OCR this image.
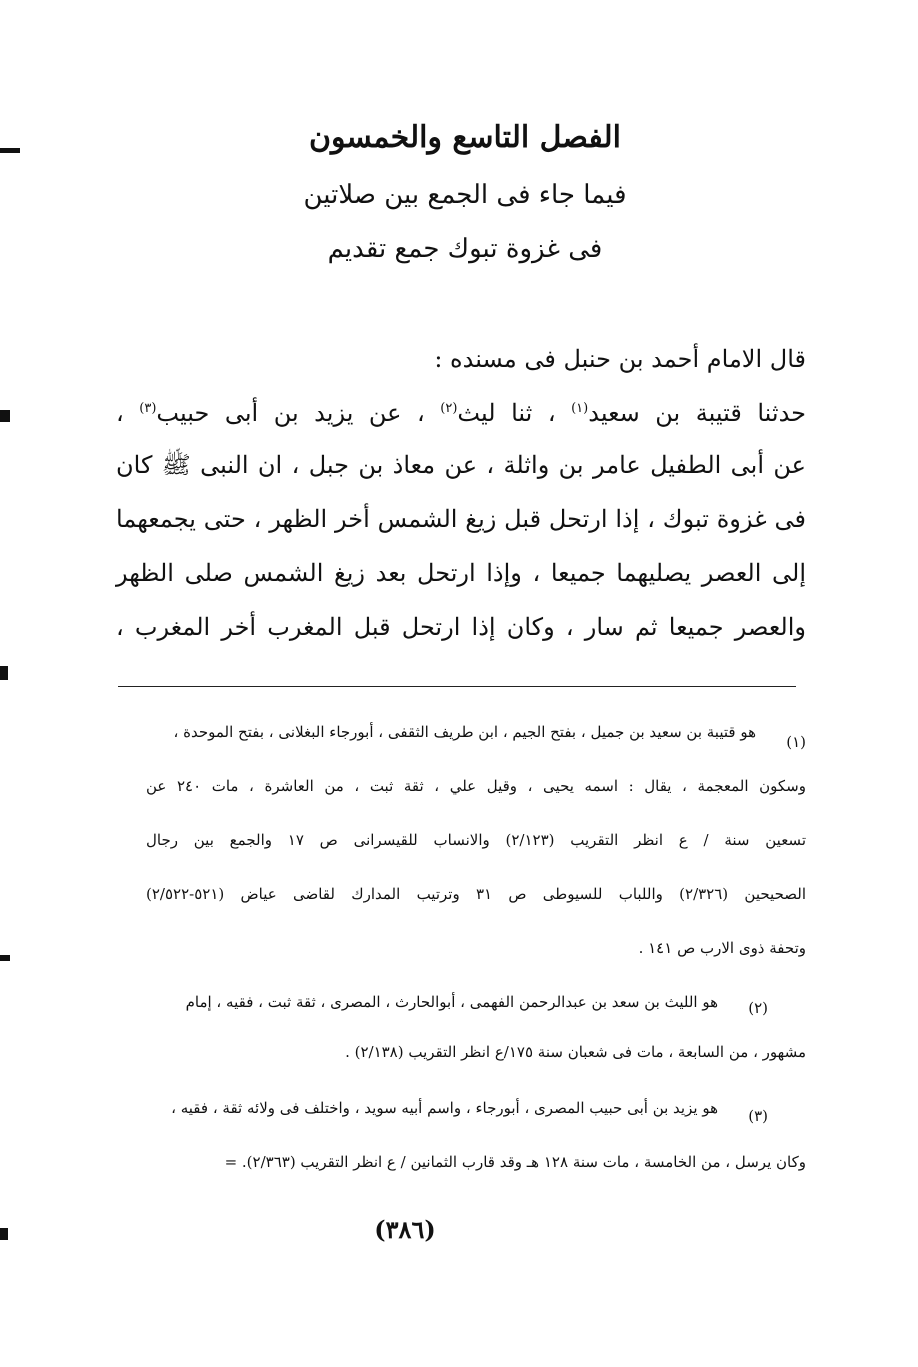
الفصل التاسع والخمسون
فيما جاء فى الجمع بين صلاتين
فى غزوة تبوك جمع تقديم
قال الامام أحمد بن حنبل فى مسنده :
حدثنا قتيبة بن سعيد$^{(١)}$ ، ثنا ليث$^{(٢)}$ ، عن يزيد بن أبى حبيب$^{(٣)}$ ،
عن أبى الطفيل عامر بن واثلة ، عن معاذ بن جبل ، ان النبى ﷺ كان
فى غزوة تبوك ، إذا ارتحل قبل زيغ الشمس أخر الظهر ، حتى يجمعهما
إلى العصر يصليهما جميعا ، وإذا ارتحل بعد زيغ الشمس صلى الظهر
والعصر جميعا ثم سار ، وكان إذا ارتحل قبل المغرب أخر المغرب ،
(١)
هو قتيبة بن سعيد بن جميل ، بفتح الجيم ، ابن طريف الثقفى ، أبورجاء البغلانى ، بفتح الموحدة ،
وسكون المعجمة ، يقال : اسمه يحيى ، وقيل علي ، ثقة ثبت ، من العاشرة ، مات ٢٤٠ عن
تسعين سنة / ع انظر التقريب (٢/١٢٣) والانساب للقيسرانى ص ١٧ والجمع بين رجال
الصحيحين (٢/٣٢٦) واللباب للسيوطى ص ٣١ وترتيب المدارك لقاضى عياض (٥٢١-٢/٥٢٢)
وتحفة ذوى الارب ص ١٤١ .
(٢)
هو الليث بن سعد بن عبدالرحمن الفهمى ، أبوالحارث ، المصرى ، ثقة ثبت ، فقيه ، إمام
مشهور ، من السابعة ، مات فى شعبان سنة ١٧٥/ع انظر التقريب (٢/١٣٨) .
(٣)
هو يزيد بن أبى حبيب المصرى ، أبورجاء ، واسم أبيه سويد ، واختلف فى ولائه ثقة ، فقيه ،
وكان يرسل ، من الخامسة ، مات سنة ١٢٨ هـ وقد قارب الثمانين / ع انظر التقريب (٢/٣٦٣). =
(٣٨٦)
